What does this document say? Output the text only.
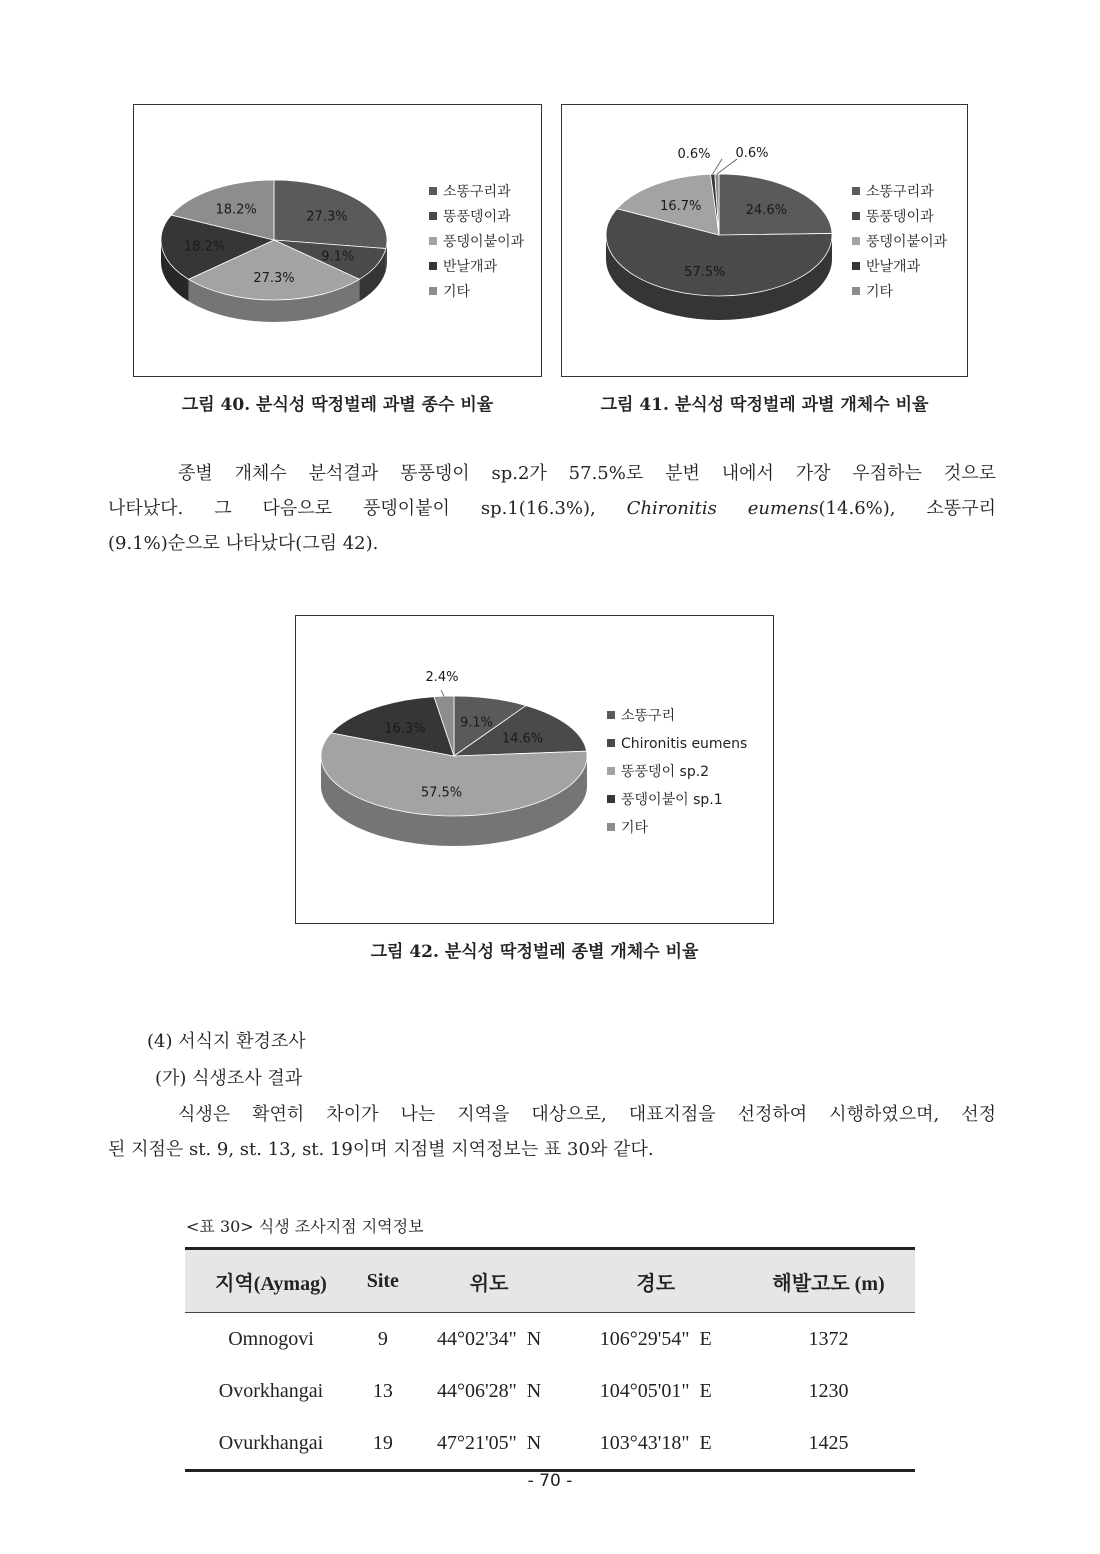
27.3%
9.1%
27.3%
18.2%
18.2%
소똥구리과
똥풍뎅이과
풍뎅이붙이과
반날개과
기타
그림 40. 분식성 딱정벌레 과별 종수 비율
24.6%
57.5%
16.7%
0.6% 0.6%
소똥구리과
똥풍뎅이과
풍뎅이붙이과
반날개과
기타
그림 41. 분식성 딱정벌레 과별 개체수 비율
종별 개체수 분석결과 똥풍뎅이 sp.2가 57.5%로 분변 내에서 가장 우점하는 것으로
나타났다. 그 다음으로 풍뎅이붙이 sp.1(16.3%), Chironitis eumens(14.6%), 소똥구리
(9.1%)순으로 나타났다(그림 42).
9.1%
14.6%
57.5%
16.3%
2.4%
소똥구리
Chironitis eumens
똥풍뎅이 sp.2
풍뎅이붙이 sp.1
기타
그림 42. 분식성 딱정벌레 종별 개체수 비율
(4) 서식지 환경조사
(가) 식생조사 결과
식생은 확연히 차이가 나는 지역을 대상으로, 대표지점을 선정하여 시행하였으며, 선정
된 지점은 st. 9, st. 13, st. 19이며 지점별 지역정보는 표 30와 같다.
<표 30> 식생 조사지점 지역정보
지역(Aymag)	Site	위도	경도	해발고도 (m)
Omnogovi	9	44°02'34"  N	106°29'54"  E	1372
Ovorkhangai	13	44°06'28"  N	104°05'01"  E	1230
Ovurkhangai	19	47°21'05"  N	103°43'18"  E	1425
- 70 -
